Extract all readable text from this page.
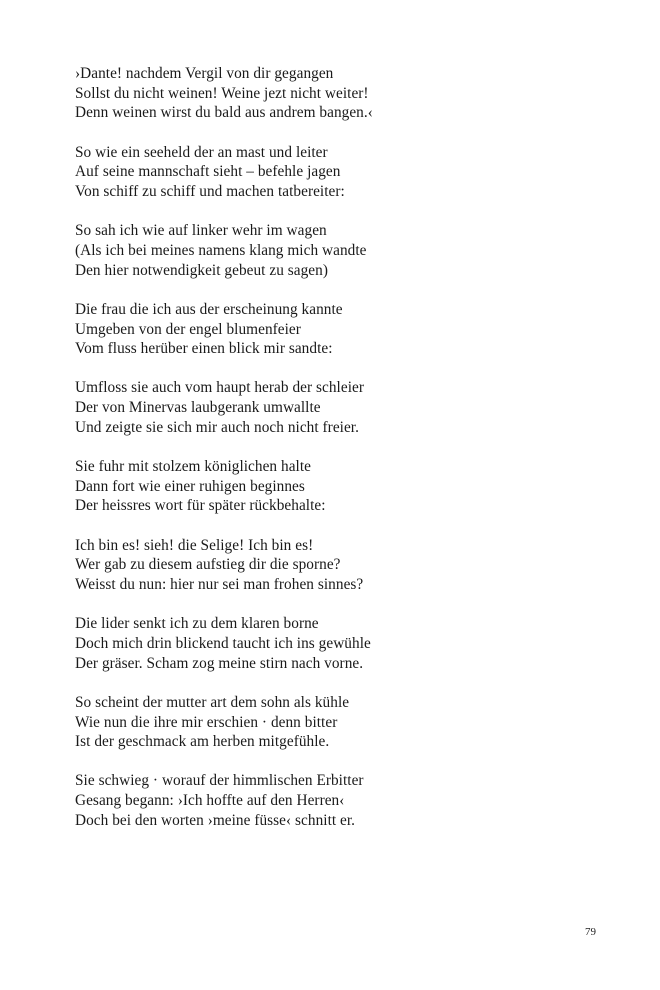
›Dante! nachdem Vergil von dir gegangen
Sollst du nicht weinen! Weine jezt nicht weiter!
Denn weinen wirst du bald aus andrem bangen.‹
So wie ein seeheld der an mast und leiter
Auf seine mannschaft sieht – befehle jagen
Von schiff zu schiff und machen tatbereiter:
So sah ich wie auf linker wehr im wagen
(Als ich bei meines namens klang mich wandte
Den hier notwendigkeit gebeut zu sagen)
Die frau die ich aus der erscheinung kannte
Umgeben von der engel blumenfeier
Vom fluss herüber einen blick mir sandte:
Umfloss sie auch vom haupt herab der schleier
Der von Minervas laubgerank umwallte
Und zeigte sie sich mir auch noch nicht freier.
Sie fuhr mit stolzem königlichen halte
Dann fort wie einer ruhigen beginnes
Der heissres wort für später rückbehalte:
Ich bin es! sieh! die Selige! Ich bin es!
Wer gab zu diesem aufstieg dir die sporne?
Weisst du nun: hier nur sei man frohen sinnes?
Die lider senkt ich zu dem klaren borne
Doch mich drin blickend taucht ich ins gewühle
Der gräser. Scham zog meine stirn nach vorne.
So scheint der mutter art dem sohn als kühle
Wie nun die ihre mir erschien · denn bitter
Ist der geschmack am herben mitgefühle.
Sie schwieg · worauf der himmlischen Erbitter
Gesang begann: ›Ich hoffte auf den Herren‹
Doch bei den worten ›meine füsse‹ schnitt er.
79
